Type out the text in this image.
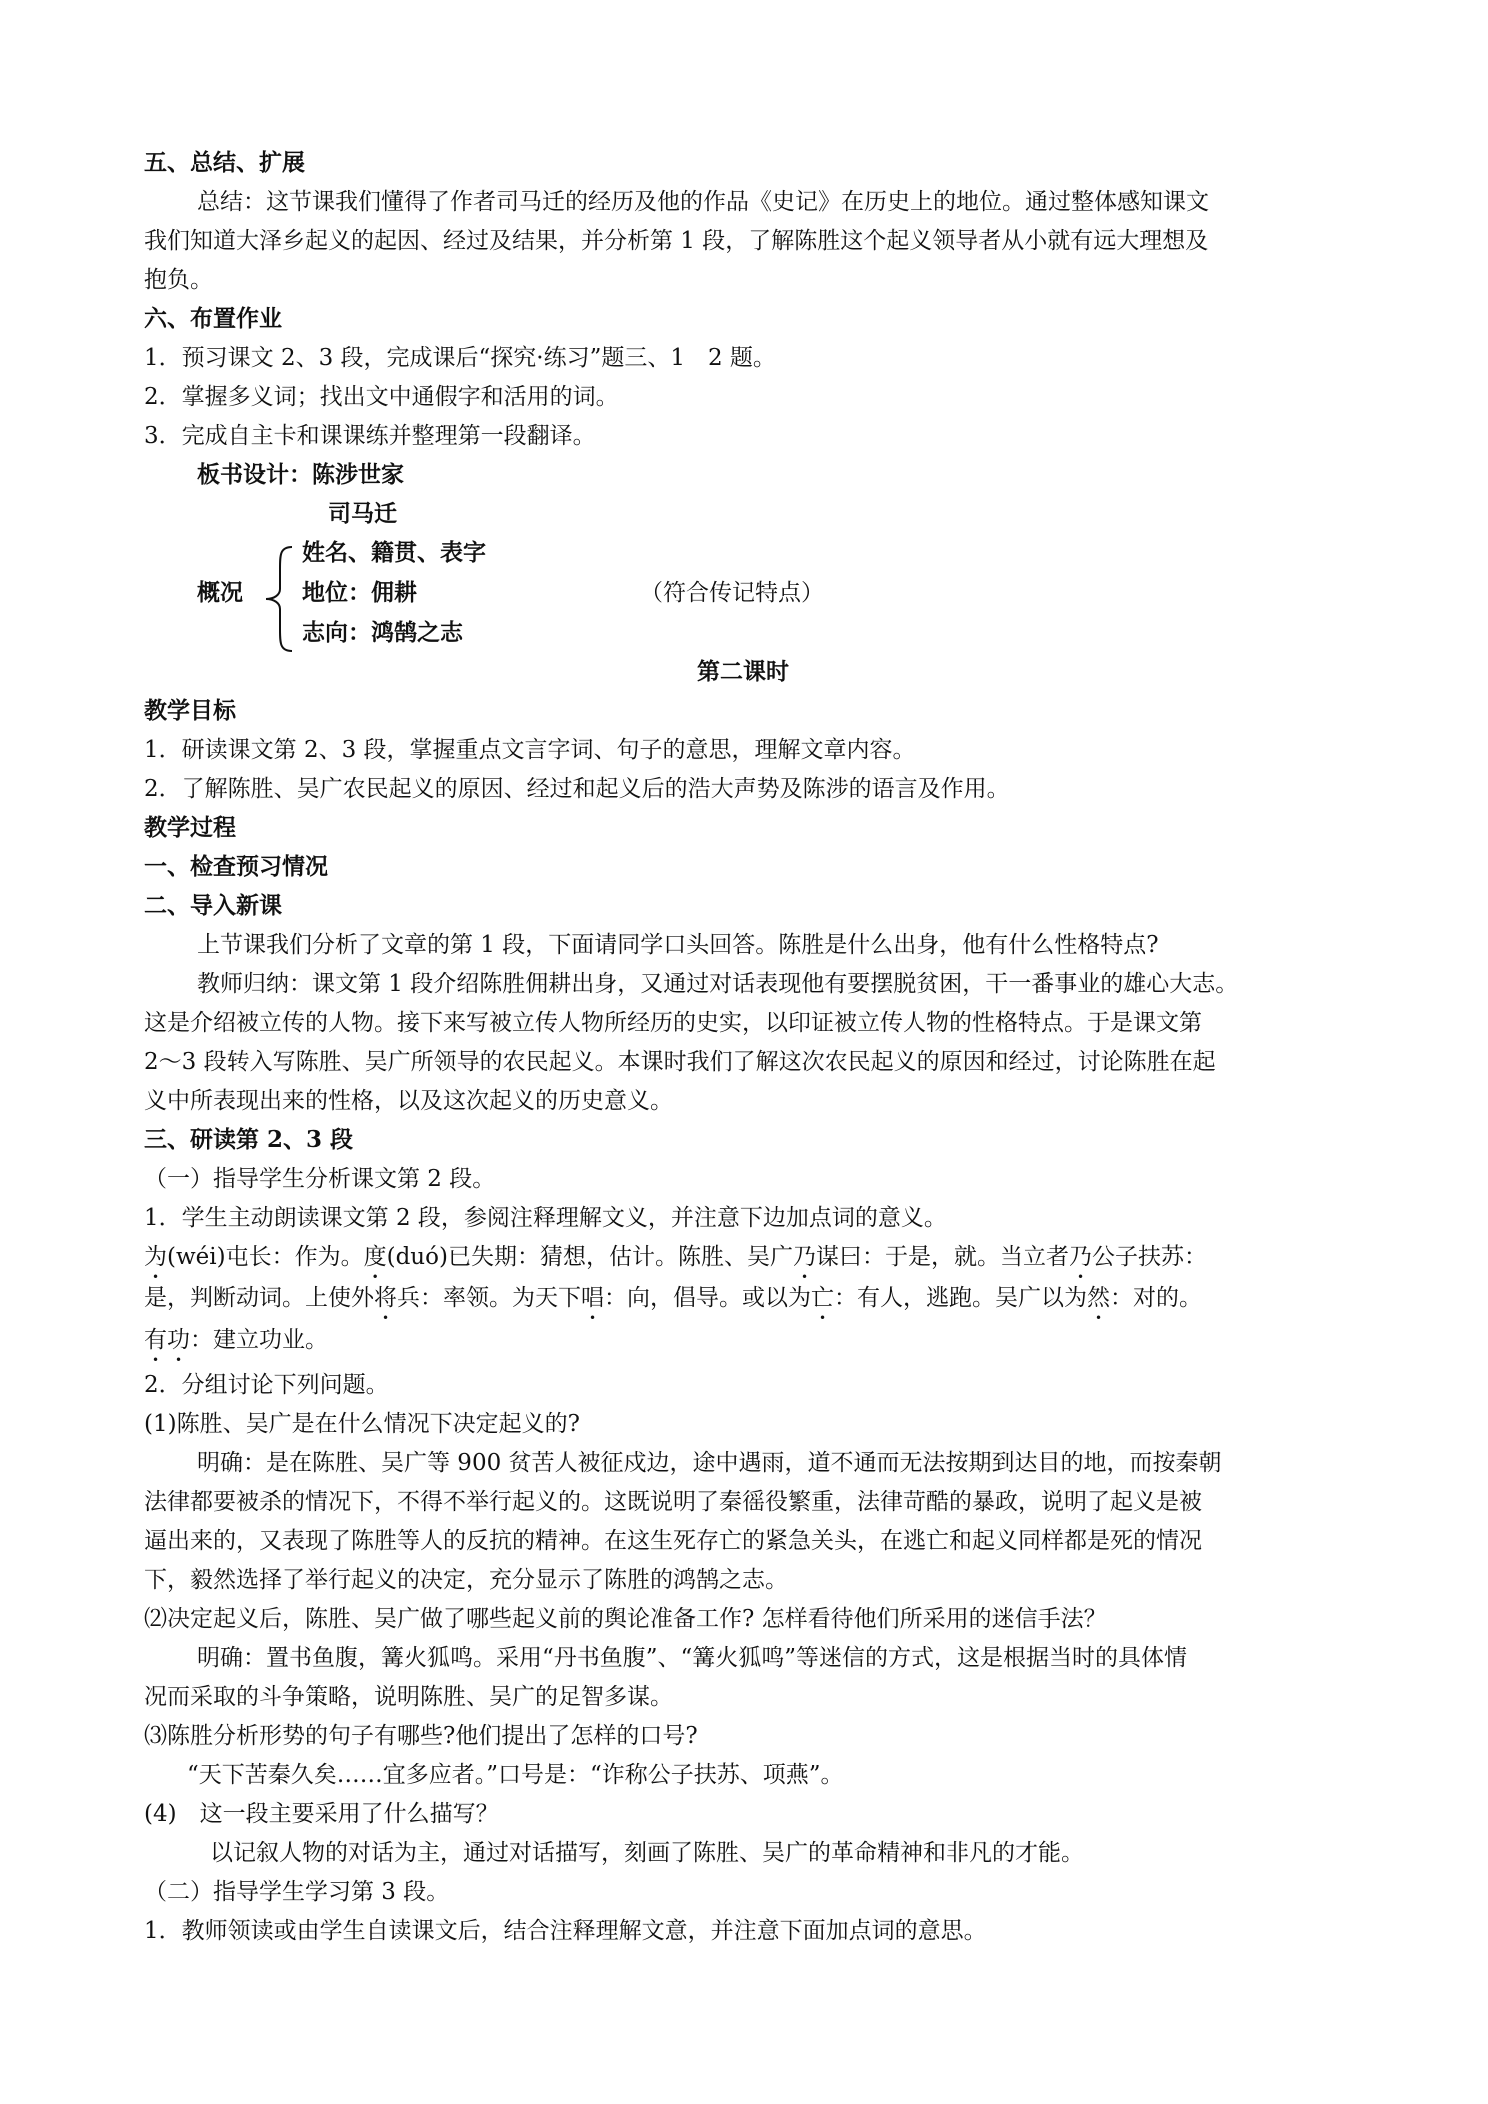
五、总结、扩展
总结：这节课我们懂得了作者司马迁的经历及他的作品《史记》在历史上的地位。通过整体感知课文
我们知道大泽乡起义的起因、经过及结果，并分析第 1 段，了解陈胜这个起义领导者从小就有远大理想及
抱负。
六、布置作业
1．预习课文 2、3 段，完成课后“探究·练习”题三、1　2 题。
2．掌握多义词；找出文中通假字和活用的词。
3．完成自主卡和课课练并整理第一段翻译。
板书设计：陈涉世家
司马迁
姓名、籍贯、表字
概况	地位：佣耕	（符合传记特点）
志向：鸿鹄之志
第二课时
教学目标
1．研读课文第 2、3 段，掌握重点文言字词、句子的意思，理解文章内容。
2．了解陈胜、吴广农民起义的原因、经过和起义后的浩大声势及陈涉的语言及作用。
教学过程
一、检查预习情况
二、导入新课
上节课我们分析了文章的第 1 段，下面请同学口头回答。陈胜是什么出身，他有什么性格特点?
教师归纳：课文第 1 段介绍陈胜佣耕出身，又通过对话表现他有要摆脱贫困，干一番事业的雄心大志。
这是介绍被立传的人物。接下来写被立传人物所经历的史实，以印证被立传人物的性格特点。于是课文第
2～3 段转入写陈胜、吴广所领导的农民起义。本课时我们了解这次农民起义的原因和经过，讨论陈胜在起
义中所表现出来的性格，以及这次起义的历史意义。
三、研读第 2、3 段
（一）指导学生分析课文第 2 段。
1．学生主动朗读课文第 2 段，参阅注释理解文义，并注意下边加点词的意义。
为(wéi)屯长：作为。度(duó)已失期：猜想，估计。陈胜、吴广乃谋曰：于是，就。当立者乃公子扶苏：
是，判断动词。上使外将兵：率领。为天下唱：向，倡导。或以为亡：有人，逃跑。吴广以为然：对的。
有功：建立功业。
2．分组讨论下列问题。
(1)陈胜、吴广是在什么情况下决定起义的?
明确：是在陈胜、吴广等 900 贫苦人被征戍边，途中遇雨，道不通而无法按期到达目的地，而按秦朝
法律都要被杀的情况下，不得不举行起义的。这既说明了秦徭役繁重，法律苛酷的暴政，说明了起义是被
逼出来的，又表现了陈胜等人的反抗的精神。在这生死存亡的紧急关头，在逃亡和起义同样都是死的情况
下，毅然选择了举行起义的决定，充分显示了陈胜的鸿鹄之志。
⑵决定起义后，陈胜、吴广做了哪些起义前的舆论准备工作? 怎样看待他们所采用的迷信手法？
明确：置书鱼腹，篝火狐鸣。采用“丹书鱼腹”、“篝火狐鸣”等迷信的方式，这是根据当时的具体情
况而采取的斗争策略，说明陈胜、吴广的足智多谋。
⑶陈胜分析形势的句子有哪些?他们提出了怎样的口号?
“天下苦秦久矣……宜多应者。”口号是：“诈称公子扶苏、项燕”。
(4)　这一段主要采用了什么描写？
以记叙人物的对话为主，通过对话描写，刻画了陈胜、吴广的革命精神和非凡的才能。
（二）指导学生学习第 3 段。
1．教师领读或由学生自读课文后，结合注释理解文意，并注意下面加点词的意思。
